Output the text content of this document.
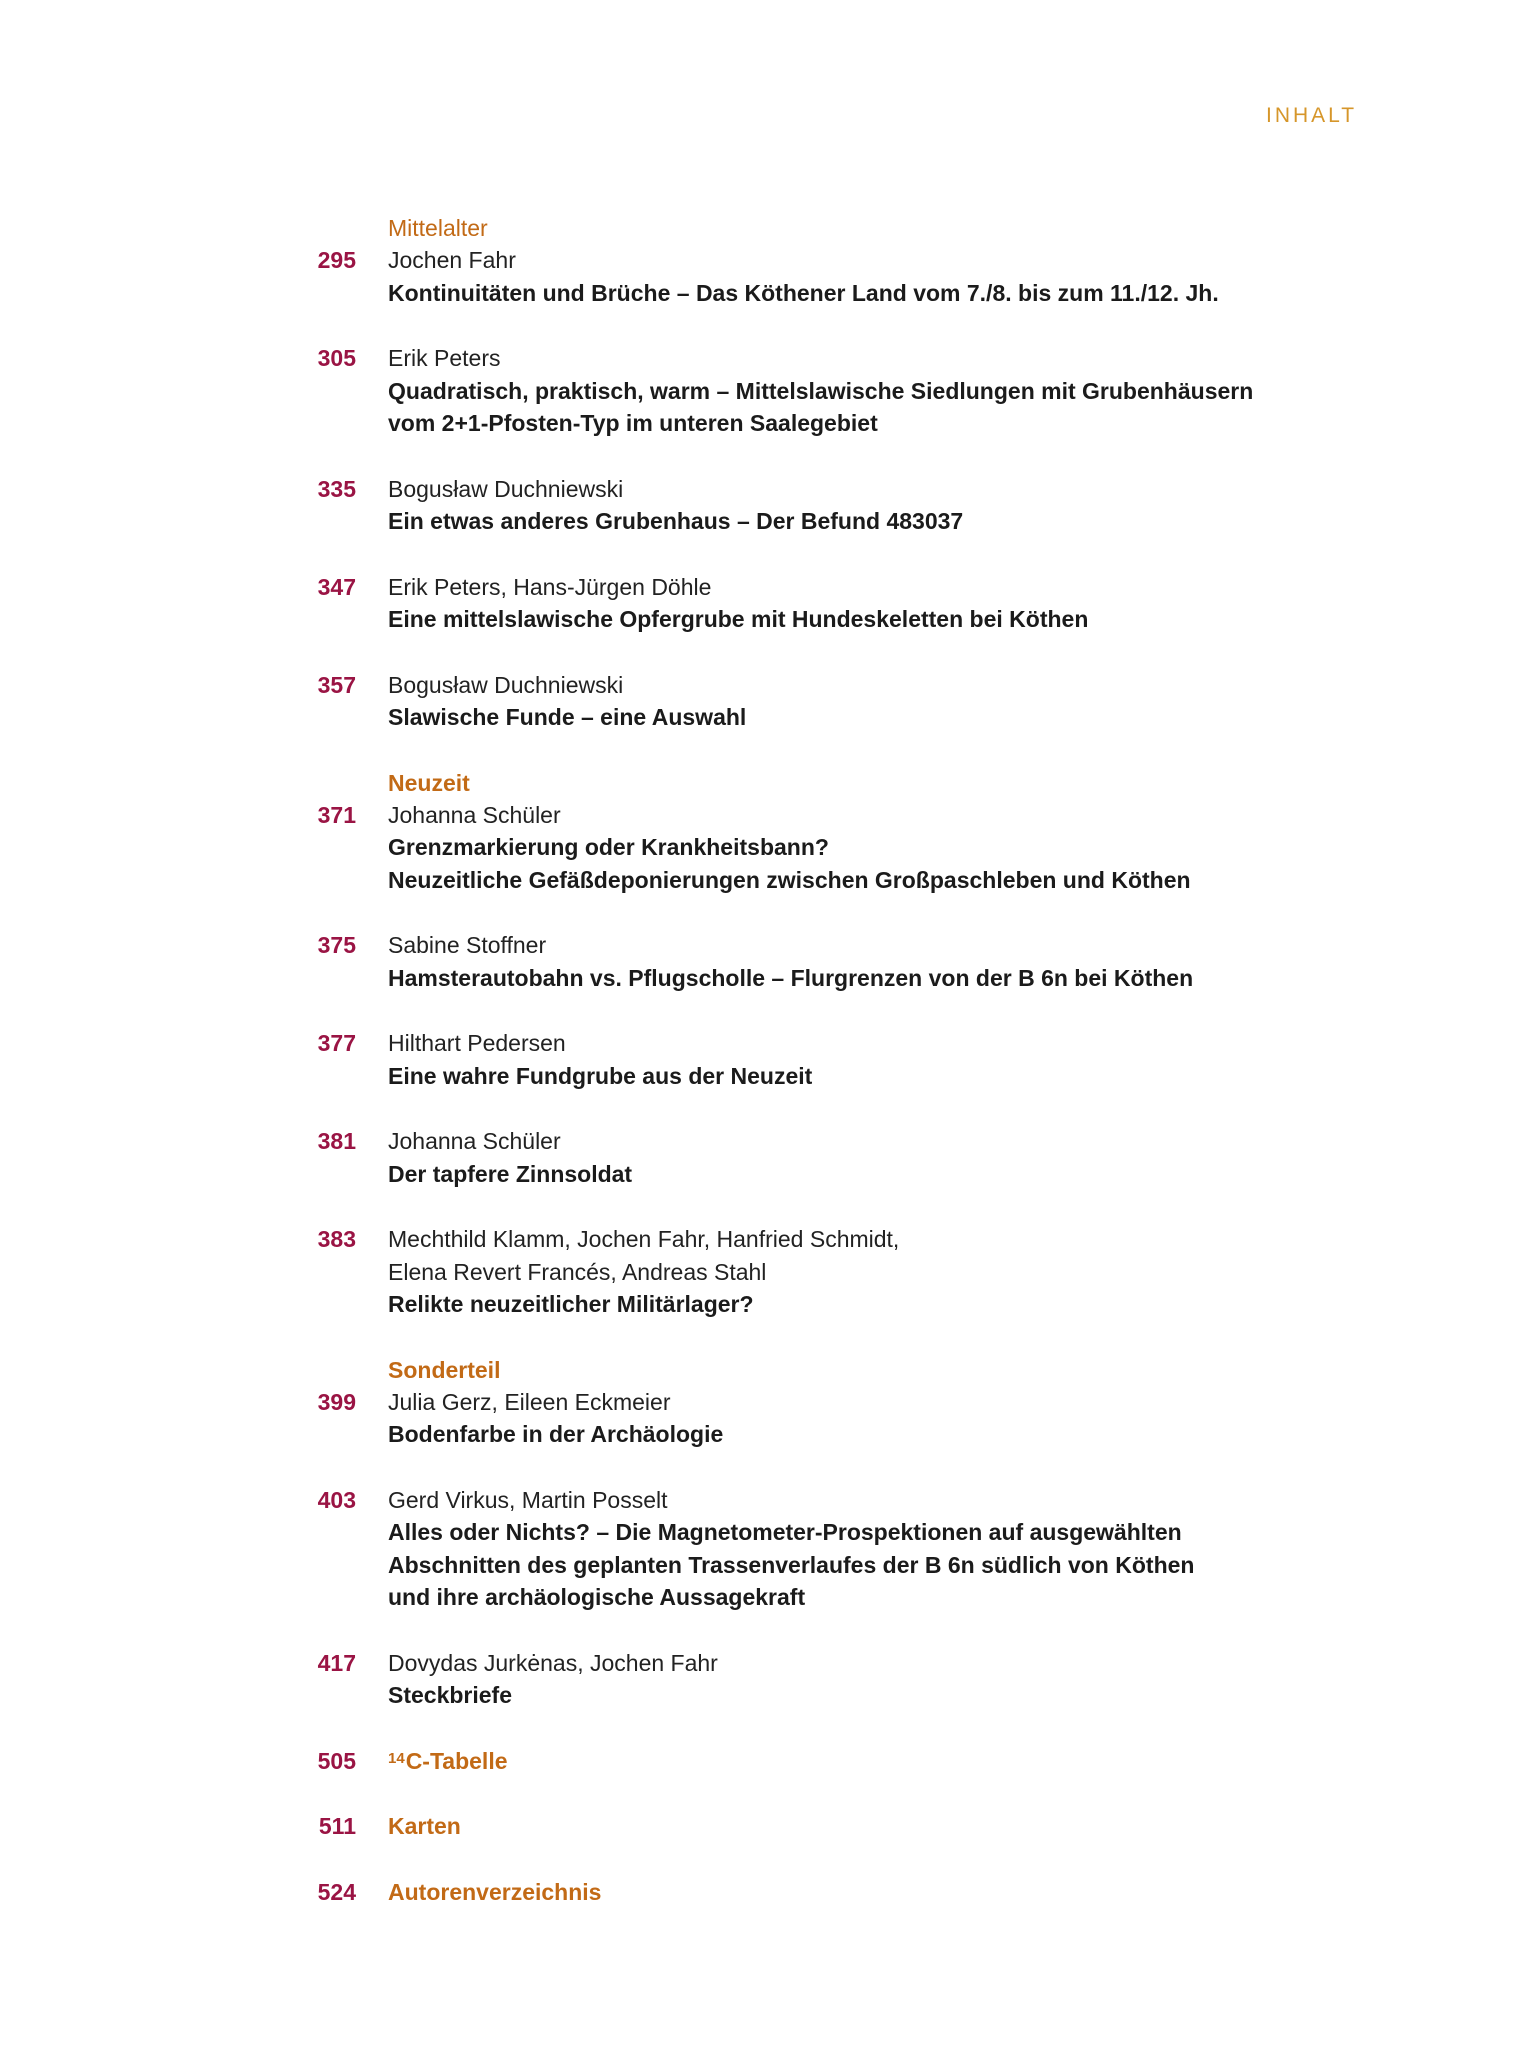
INHALT
Mittelalter
295 Jochen Fahr
Kontinuitäten und Brüche – Das Köthener Land vom 7./8. bis zum 11./12. Jh.
305 Erik Peters
Quadratisch, praktisch, warm – Mittelslawische Siedlungen mit Grubenhäusern
vom 2+1-Pfosten-Typ im unteren Saalegebiet
335 Bogusław Duchniewski
Ein etwas anderes Grubenhaus – Der Befund 483037
347 Erik Peters, Hans-Jürgen Döhle
Eine mittelslawische Opfergrube mit Hundeskeletten bei Köthen
357 Bogusław Duchniewski
Slawische Funde – eine Auswahl
Neuzeit
371 Johanna Schüler
Grenzmarkierung oder Krankheitsbann?
Neuzeitliche Gefäßdeponierungen zwischen Großpaschleben und Köthen
375 Sabine Stoffner
Hamsterautobahn vs. Pflugscholle – Flurgrenzen von der B 6n bei Köthen
377 Hilthart Pedersen
Eine wahre Fundgrube aus der Neuzeit
381 Johanna Schüler
Der tapfere Zinnsoldat
383 Mechthild Klamm, Jochen Fahr, Hanfried Schmidt,
Elena Revert Francés, Andreas Stahl
Relikte neuzeitlicher Militärlager?
Sonderteil
399 Julia Gerz, Eileen Eckmeier
Bodenfarbe in der Archäologie
403 Gerd Virkus, Martin Posselt
Alles oder Nichts? – Die Magnetometer-Prospektionen auf ausgewählten
Abschnitten des geplanten Trassenverlaufes der B 6n südlich von Köthen
und ihre archäologische Aussagekraft
417 Dovydas Jurkėnas, Jochen Fahr
Steckbriefe
505 $^{14}$C-Tabelle
511 Karten
524 Autorenverzeichnis
